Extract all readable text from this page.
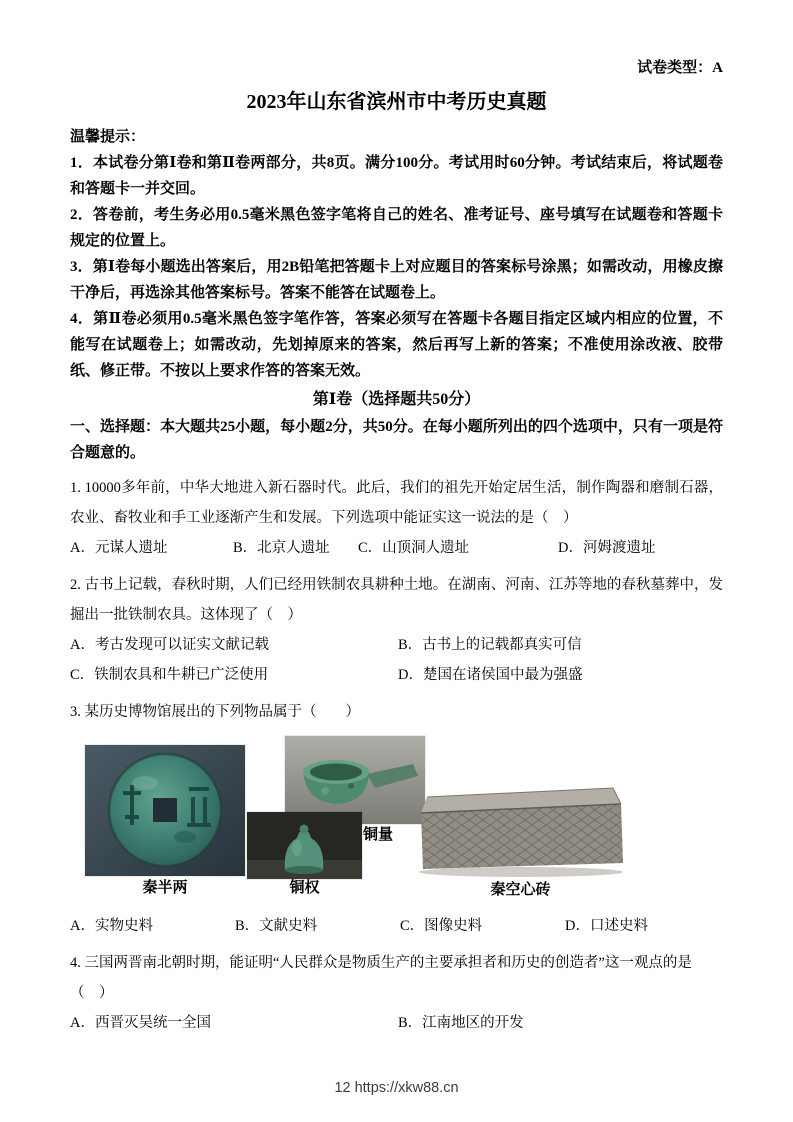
试卷类型：A
2023年山东省滨州市中考历史真题
温馨提示：
1．本试卷分第Ⅰ卷和第Ⅱ卷两部分，共8页。满分100分。考试用时60分钟。考试结束后，将试题卷和答题卡一并交回。
2．答卷前，考生务必用0.5毫米黑色签字笔将自己的姓名、准考证号、座号填写在试题卷和答题卡规定的位置上。
3．第Ⅰ卷每小题选出答案后，用2B铅笔把答题卡上对应题目的答案标号涂黑；如需改动，用橡皮擦干净后，再选涂其他答案标号。答案不能答在试题卷上。
4．第Ⅱ卷必须用0.5毫米黑色签字笔作答，答案必须写在答题卡各题目指定区域内相应的位置，不能写在试题卷上；如需改动，先划掉原来的答案，然后再写上新的答案；不准使用涂改液、胶带纸、修正带。不按以上要求作答的答案无效。
第Ⅰ卷（选择题共50分）
一、选择题：本大题共25小题，每小题2分，共50分。在每小题所列出的四个选项中，只有一项是符合题意的。
1. 10000多年前，中华大地进入新石器时代。此后，我们的祖先开始定居生活，制作陶器和磨制石器，农业、畜牧业和手工业逐渐产生和发展。下列选项中能证实这一说法的是（　）
A．元谋人遗址	B．北京人遗址	C．山顶洞人遗址	D．河姆渡遗址
2. 古书上记载，春秋时期，人们已经用铁制农具耕种土地。在湖南、河南、江苏等地的春秋墓葬中，发掘出一批铁制农具。这体现了（　）
A．考古发现可以证实文献记载	B．古书上的记载都真实可信
C．铁制农具和牛耕已广泛使用	D．楚国在诸侯国中最为强盛
3. 某历史博物馆展出的下列物品属于（　　）
秦半两
铜量
铜权	秦空心砖
A．实物史料	B．文献史料	C．图像史料	D．口述史料
4. 三国两晋南北朝时期，能证明“人民群众是物质生产的主要承担者和历史的创造者”这一观点的是
（　）
A．西晋灭吴统一全国	B．江南地区的开发
12 https://xkw88.cn
